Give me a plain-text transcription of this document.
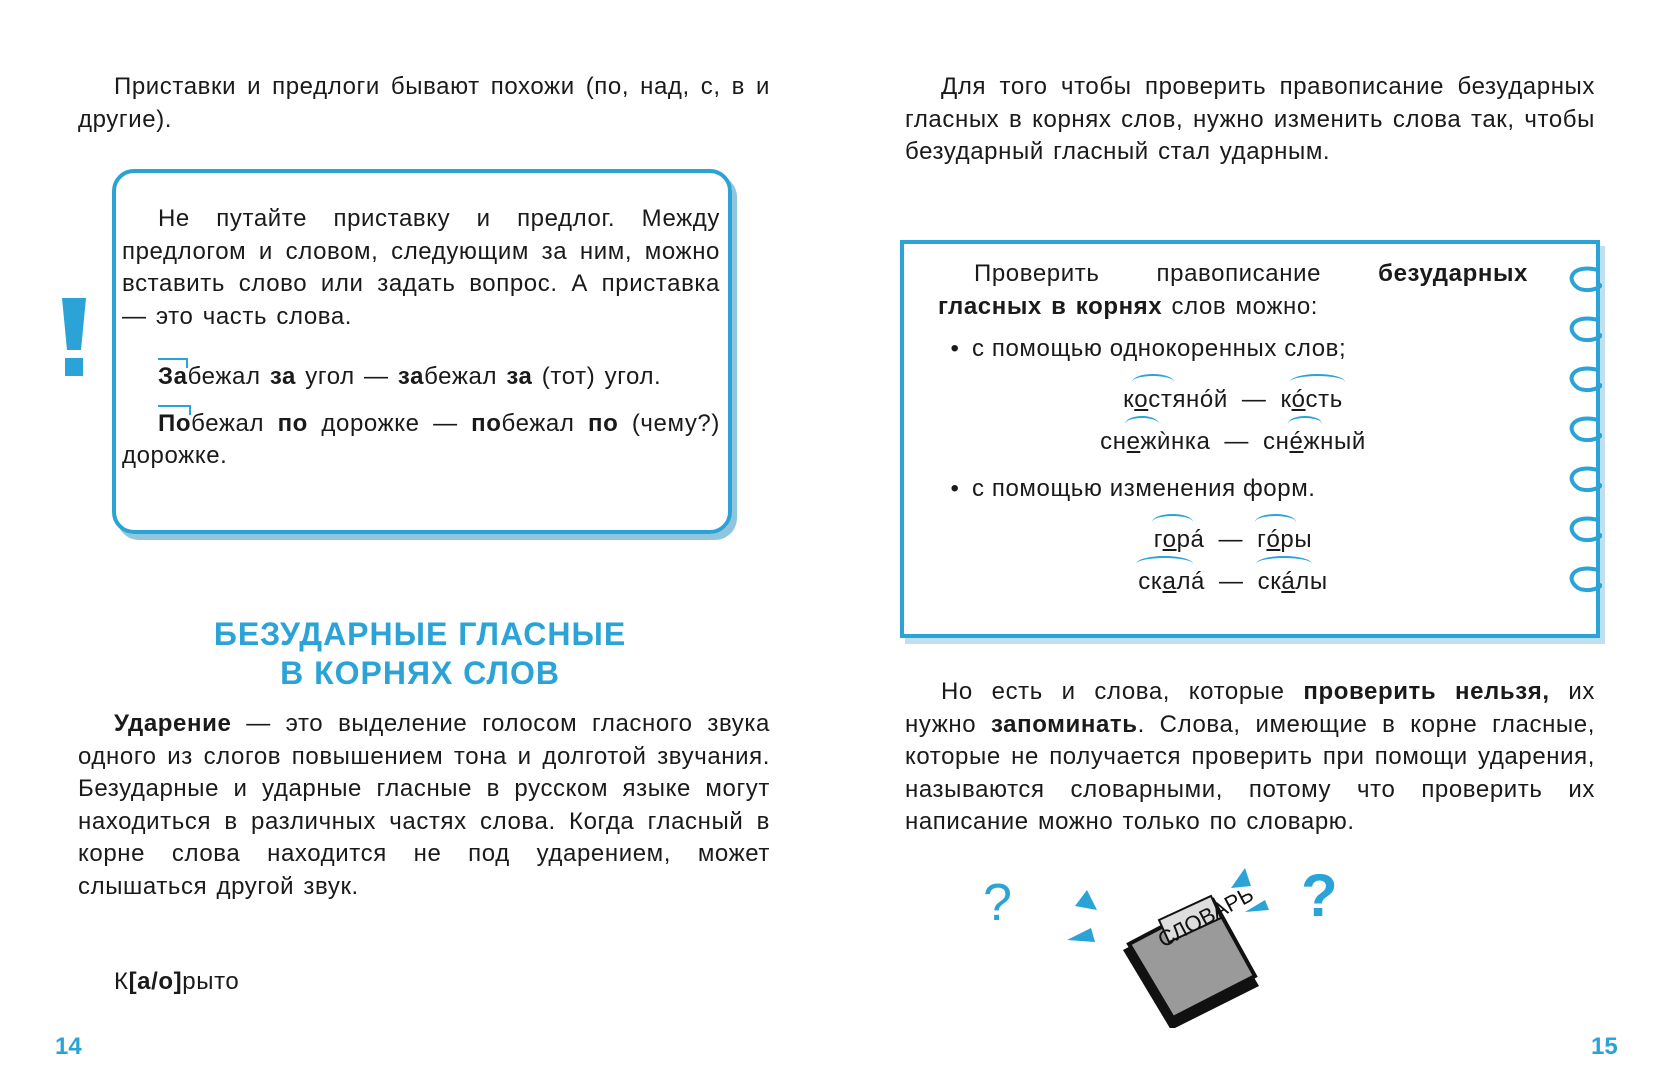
Приставки и предлоги бывают похожи (по, над, с, в и другие).

Не путайте приставку и предлог. Между предлогом и словом, следующим за ним, можно вставить слово или задать вопрос. А приставка — это часть слова.

Забежал за угол — забежал за (тот) угол.

Побежал по дорожке — побежал по (чему?) дорожке.

БЕЗУДАРНЫЕ ГЛАСНЫЕ
В КОРНЯХ СЛОВ

Ударение — это выделение голосом гласного звука одного из слогов повышением тона и долготой звучания. Безударные и ударные гласные в русском языке могут находиться в различных частях слова. Когда гласный в корне слова находится не под ударением, может слышаться другой звук.

К[а/о]рыто
14

Для того чтобы проверить правописание безударных гласных в корнях слов, нужно изменить слова так, чтобы безударный гласный стал ударным.

Проверить правописание безударных гласных в корнях слов можно:

• с помощью однокоренных слов;

костянóй — кóсть
снежѝнка — снéжный

• с помощью изменения форм.

горá — гóры
скалá — скáлы

Но есть и слова, которые проверить нельзя, их нужно запоминать. Слова, имеющие в корне гласные, которые не получается проверить при помощи ударения, называются словарными, потому что проверить их написание можно только по словарю.

?	?
СЛОВАРЬ
15
